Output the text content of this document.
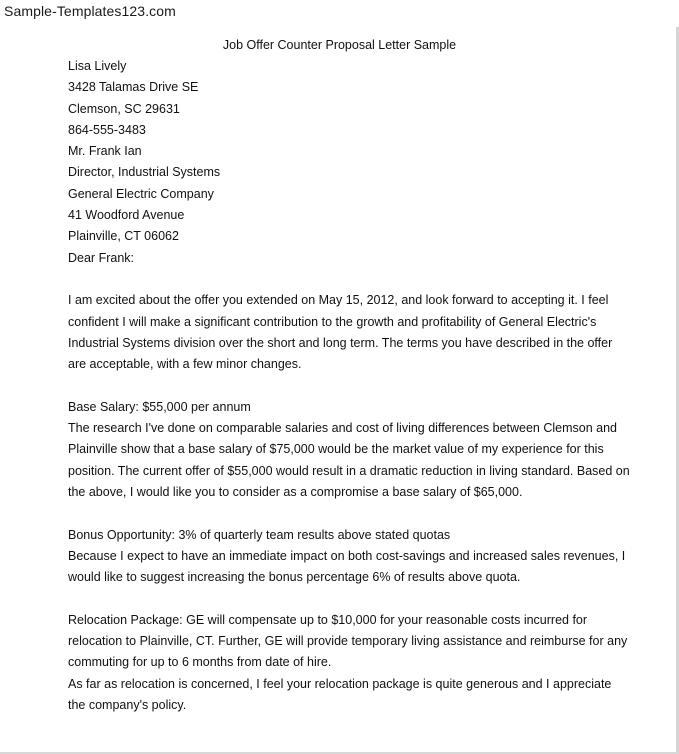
Sample-Templates123.com
Job Offer Counter Proposal Letter Sample
Lisa Lively
3428 Talamas Drive SE
Clemson, SC 29631
864-555-3483
Mr. Frank Ian
Director, Industrial Systems
General Electric Company
41 Woodford Avenue
Plainville, CT 06062
Dear Frank:
I am excited about the offer you extended on May 15, 2012, and look forward to accepting it. I feel
confident I will make a significant contribution to the growth and profitability of General Electric's
Industrial Systems division over the short and long term. The terms you have described in the offer
are acceptable, with a few minor changes.
Base Salary: $55,000 per annum
The research I've done on comparable salaries and cost of living differences between Clemson and
Plainville show that a base salary of $75,000 would be the market value of my experience for this
position. The current offer of $55,000 would result in a dramatic reduction in living standard. Based on
the above, I would like you to consider as a compromise a base salary of $65,000.
Bonus Opportunity: 3% of quarterly team results above stated quotas
Because I expect to have an immediate impact on both cost-savings and increased sales revenues, I
would like to suggest increasing the bonus percentage 6% of results above quota.
Relocation Package: GE will compensate up to $10,000 for your reasonable costs incurred for
relocation to Plainville, CT. Further, GE will provide temporary living assistance and reimburse for any
commuting for up to 6 months from date of hire.
As far as relocation is concerned, I feel your relocation package is quite generous and I appreciate
the company's policy.
